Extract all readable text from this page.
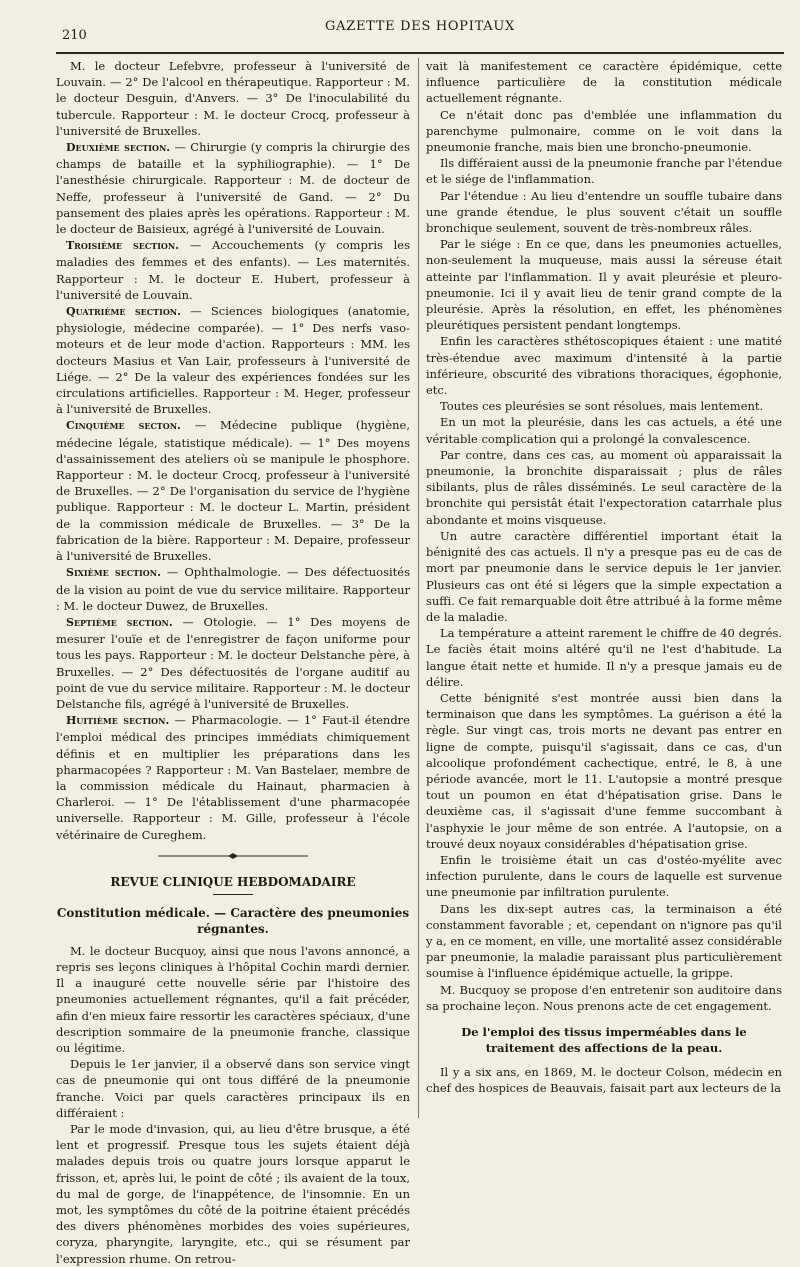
210
GAZETTE DES HOPITAUX

M. le docteur Lefebvre, professeur à l'université de Louvain. — 2° De l'alcool en thérapeutique. Rapporteur : M. le docteur Desguin, d'Anvers. — 3° De l'inoculabilité du tubercule. Rapporteur : M. le docteur Crocq, professeur à l'université de Bruxelles.

Deuxième section. — Chirurgie (y compris la chirurgie des champs de bataille et la syphiliographie). — 1° De l'anesthésie chirurgicale. Rapporteur : M. de docteur de Neffe, professeur à l'université de Gand. — 2° Du pansement des plaies après les opérations. Rapporteur : M. le docteur de Baisieux, agrégé à l'université de Louvain.

Troisième section. — Accouchements (y compris les maladies des femmes et des enfants). — Les maternités. Rapporteur : M. le docteur E. Hubert, professeur à l'université de Louvain.

Quatrième section. — Sciences biologiques (anatomie, physiologie, médecine comparée). — 1° Des nerfs vaso-moteurs et de leur mode d'action. Rapporteurs : MM. les docteurs Masius et Van Lair, professeurs à l'université de Liége. — 2° De la valeur des expériences fondées sur les circulations artificielles. Rapporteur : M. Heger, professeur à l'université de Bruxelles.

Cinquième secton. — Médecine publique (hygiène, médecine légale, statistique médicale). — 1° Des moyens d'assainissement des ateliers où se manipule le phosphore. Rapporteur : M. le docteur Crocq, professeur à l'université de Bruxelles. — 2° De l'organisation du service de l'hygiène publique. Rapporteur : M. le docteur L. Martin, président de la commission médicale de Bruxelles. — 3° De la fabrication de la bière. Rapporteur : M. Depaire, professeur à l'université de Bruxelles.

Sixième section. — Ophthalmologie. — Des défectuosités de la vision au point de vue du service militaire. Rapporteur : M. le docteur Duwez, de Bruxelles.

Septième section. — Otologie. — 1° Des moyens de mesurer l'ouïe et de l'enregistrer de façon uniforme pour tous les pays. Rapporteur : M. le docteur Delstanche père, à Bruxelles. — 2° Des défectuosités de l'organe auditif au point de vue du service militaire. Rapporteur : M. le docteur Delstanche fils, agrégé à l'université de Bruxelles.

Huitième section. — Pharmacologie. — 1° Faut-il étendre l'emploi médical des principes immédiats chimiquement définis et en multiplier les préparations dans les pharmacopées ? Rapporteur : M. Van Bastelaer, membre de la commission médicale du Hainaut, pharmacien à Charleroi. — 1° De l'établissement d'une pharmacopée universelle. Rapporteur : M. Gille, professeur à l'école vétérinaire de Cureghem.

REVUE CLINIQUE HEBDOMADAIRE
Constitution médicale. — Caractère des pneumonies régnantes.

M. le docteur Bucquoy, ainsi que nous l'avons annoncé, a repris ses leçons cliniques à l'hôpital Cochin mardi dernier. Il a inauguré cette nouvelle série par l'histoire des pneumonies actuellement régnantes, qu'il a fait précéder, afin d'en mieux faire ressortir les caractères spéciaux, d'une description sommaire de la pneumonie franche, classique ou légitime.

Depuis le 1er janvier, il a observé dans son service vingt cas de pneumonie qui ont tous différé de la pneumonie franche. Voici par quels caractères principaux ils en différaient :

Par le mode d'invasion, qui, au lieu d'être brusque, a été lent et progressif. Presque tous les sujets étaient déjà malades depuis trois ou quatre jours lorsque apparut le frisson, et, après lui, le point de côté ; ils avaient de la toux, du mal de gorge, de l'inappétence, de l'insomnie. En un mot, les symptômes du côté de la poitrine étaient précédés des divers phénomènes morbides des voies supérieures, coryza, pharyngite, laryngite, etc., qui se résument par l'expression rhume. On retrou-

vait là manifestement ce caractère épidémique, cette influence particulière de la constitution médicale actuellement régnante.

Ce n'était donc pas d'emblée une inflammation du parenchyme pulmonaire, comme on le voit dans la pneumonie franche, mais bien une broncho-pneumonie.

Ils différaient aussi de la pneumonie franche par l'étendue et le siége de l'inflammation.

Par l'étendue : Au lieu d'entendre un souffle tubaire dans une grande étendue, le plus souvent c'était un souffle bronchique seulement, souvent de très-nombreux râles.

Par le siége : En ce que, dans les pneumonies actuelles, non-seulement la muqueuse, mais aussi la séreuse était atteinte par l'inflammation. Il y avait pleurésie et pleuro-pneumonie. Ici il y avait lieu de tenir grand compte de la pleurésie. Après la résolution, en effet, les phénomènes pleurétiques persistent pendant longtemps.

Enfin les caractères sthétoscopiques étaient : une matité très-étendue avec maximum d'intensité à la partie inférieure, obscurité des vibrations thoraciques, égophonie, etc.

Toutes ces pleurésies se sont résolues, mais lentement.

En un mot la pleurésie, dans les cas actuels, a été une véritable complication qui a prolongé la convalescence.

Par contre, dans ces cas, au moment où apparaissait la pneumonie, la bronchite disparaissait ; plus de râles sibilants, plus de râles disséminés. Le seul caractère de la bronchite qui persistât était l'expectoration catarrhale plus abondante et moins visqueuse.

Un autre caractère différentiel important était la bénignité des cas actuels. Il n'y a presque pas eu de cas de mort par pneumonie dans le service depuis le 1er janvier. Plusieurs cas ont été si légers que la simple expectation a suffi. Ce fait remarquable doit être attribué à la forme même de la maladie.

La température a atteint rarement le chiffre de 40 degrés. Le faciès était moins altéré qu'il ne l'est d'habitude. La langue était nette et humide. Il n'y a presque jamais eu de délire.

Cette bénignité s'est montrée aussi bien dans la terminaison que dans les symptômes. La guérison a été la règle. Sur vingt cas, trois morts ne devant pas entrer en ligne de compte, puisqu'il s'agissait, dans ce cas, d'un alcoolique profondément cachectique, entré, le 8, à une période avancée, mort le 11. L'autopsie a montré presque tout un poumon en état d'hépatisation grise. Dans le deuxième cas, il s'agissait d'une femme succombant à l'asphyxie le jour même de son entrée. A l'autopsie, on a trouvé deux noyaux considérables d'hépatisation grise.

Enfin le troisième était un cas d'ostéo-myélite avec infection purulente, dans le cours de laquelle est survenue une pneumonie par infiltration purulente.

Dans les dix-sept autres cas, la terminaison a été constamment favorable ; et, cependant on n'ignore pas qu'il y a, en ce moment, en ville, une mortalité assez considérable par pneumonie, la maladie paraissant plus particulièrement soumise à l'influence épidémique actuelle, la grippe.

M. Bucquoy se propose d'en entretenir son auditoire dans sa prochaine leçon. Nous prenons acte de cet engagement.

De l'emploi des tissus imperméables dans le traitement des affections de la peau.

Il y a six ans, en 1869, M. le docteur Colson, médecin en chef des hospices de Beauvais, faisait part aux lecteurs de la
